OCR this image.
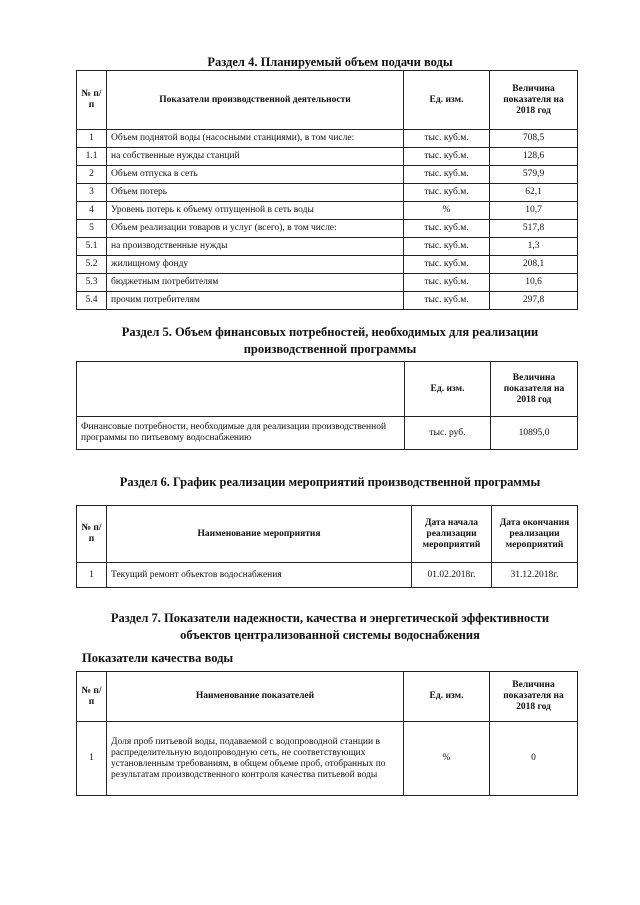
Раздел 4. Планируемый объем подачи воды
№ п/п	Показатели производственной деятельности	Ед. изм.	Величина показателя на 2018 год
1	Объем поднятой воды (насосными станциями), в том числе:	тыс. куб.м.	708,5
1.1	на собственные нужды станций	тыс. куб.м.	128,6
2	Объем отпуска в сеть	тыс. куб.м.	579,9
3	Объем потерь	тыс. куб.м.	62,1
4	Уровень потерь к объему отпущенной в сеть воды	%	10,7
5	Объем реализации товаров и услуг (всего), в том числе:	тыс. куб.м.	517,8
5.1	на производственные нужды	тыс. куб.м.	1,3
5.2	жилищному фонду	тыс. куб.м.	208,1
5.3	бюджетным потребителям	тыс. куб.м.	10,6
5.4	прочим потребителям	тыс. куб.м.	297,8
Раздел 5. Объем финансовых потребностей, необходимых для реализации
производственной программы
	Ед. изм.	Величина показателя на 2018 год
Финансовые потребности, необходимые для реализации производственной программы по питьевому водоснабжению	тыс. руб.	10895,0
Раздел 6. График реализации мероприятий производственной программы
№ п/п	Наименование мероприятия	Дата начала реализации мероприятий	Дата окончания реализации мероприятий
1	Текущий ремонт объектов водоснабжения	01.02.2018г.	31.12.2018г.
Раздел 7. Показатели надежности, качества и энергетической эффективности
объектов централизованной системы водоснабжения
Показатели качества воды
№ п/п	Наименование показателей	Ед. изм.	Величина показателя на 2018 год
1	Доля проб питьевой воды, подаваемой с водопроводной станции в распределительную водопроводную сеть, не соответствующих установленным требованиям, в общем объеме проб, отобранных по результатам производственного контроля качества питьевой воды	%	0
